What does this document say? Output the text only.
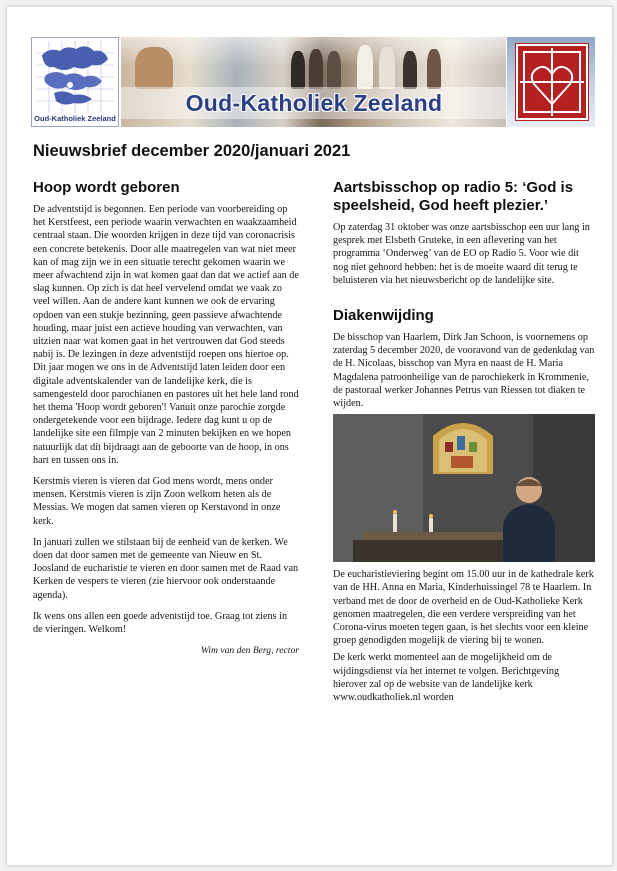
Oud-Katholiek Zeeland
Oud-Katholiek Zeeland
Nieuwsbrief december 2020/januari 2021
Hoop wordt geboren

De adventstijd is begonnen. Een periode van voorbereiding op het Kerstfeest, een periode waarin verwachten en waakzaamheid centraal staan. Die woorden krijgen in deze tijd van coronacrisis een concrete betekenis. Door alle maatregelen van wat niet meer kan of mag zijn we in een situatie terecht gekomen waarin we meer afwachtend zijn in wat komen gaat dan dat we actief aan de slag kunnen. Op zich is dat heel vervelend omdat we vaak zo veel willen. Aan de andere kant kunnen we ook de ervaring opdoen van een stukje bezinning, geen passieve afwachtende houding, maar juist een actieve houding van verwachten, van uitzien naar wat komen gaat in het vertrouwen dat God steeds nabij is. De lezingen in deze adventstijd roepen ons hiertoe op. Dit jaar mogen we ons in de Adventstijd laten leiden door een digitale adventskalender van de landelijke kerk, die is samengesteld door parochianen en pastores uit het hele land rond het thema 'Hoop wordt geboren'! Vanuit onze parochie zorgde ondergetekende voor een bijdrage. Iedere dag kunt u op de landelijke site een filmpje van 2 minuten bekijken en we hopen natuurlijk dat dit bijdraagt aan de geboorte van de hoop, in ons hart en tussen ons in.

Kerstmis vieren is vieren dat God mens wordt, mens onder mensen. Kerstmis vieren is zijn Zoon welkom heten als de Messias. We mogen dat samen vieren op Kerstavond in onze kerk.

In januari zullen we stilstaan bij de eenheid van de kerken. We doen dat door samen met de gemeente van Nieuw en St. Joosland de eucharistie te vieren en door samen met de Raad van Kerken de vespers te vieren (zie hiervoor ook onderstaande agenda).

Ik wens ons allen een goede adventstijd toe. Graag tot ziens in de vieringen. Welkom!

Wim van den Berg, rector

Aartsbisschop op radio 5: ‘God is speelsheid, God heeft plezier.’

Op zaterdag 31 oktober was onze aartsbisschop een uur lang in gesprek met Elsbeth Gruteke, in een aflevering van het programma ‘Onderweg’ van de EO op Radio 5. Voor wie dit nog niet gehoord hebben: het is de moeite waard dit terug te beluisteren via het nieuwsbericht op de landelijke site.

Diakenwijding

De bisschop van Haarlem, Dirk Jan Schoon, is voornemens op zaterdag 5 december 2020, de vooravond van de gedenkdag van de H. Nicolaas, bisschop van Myra en naast de H. Maria Magdalena patroonheilige van de parochiekerk in Krommenie, de pastoraal werker Johannes Petrus van Riessen tot diaken te wijden.

De eucharistieviering begint om 15.00 uur in de kathedrale kerk van de HH. Anna en Maria, Kinderhuissingel 78 te Haarlem. In verband met de door de overheid en de Oud-Katholieke Kerk genomen maatregelen, die een verdere verspreiding van het Corona-virus moeten tegen gaan, is het slechts voor een kleine groep genodigden mogelijk de viering bij te wonen.

De kerk werkt momenteel aan de mogelijkheid om de wijdingsdienst via het internet te volgen. Berichtgeving hierover zal op de website van de landelijke kerk www.oudkatholiek.nl worden
